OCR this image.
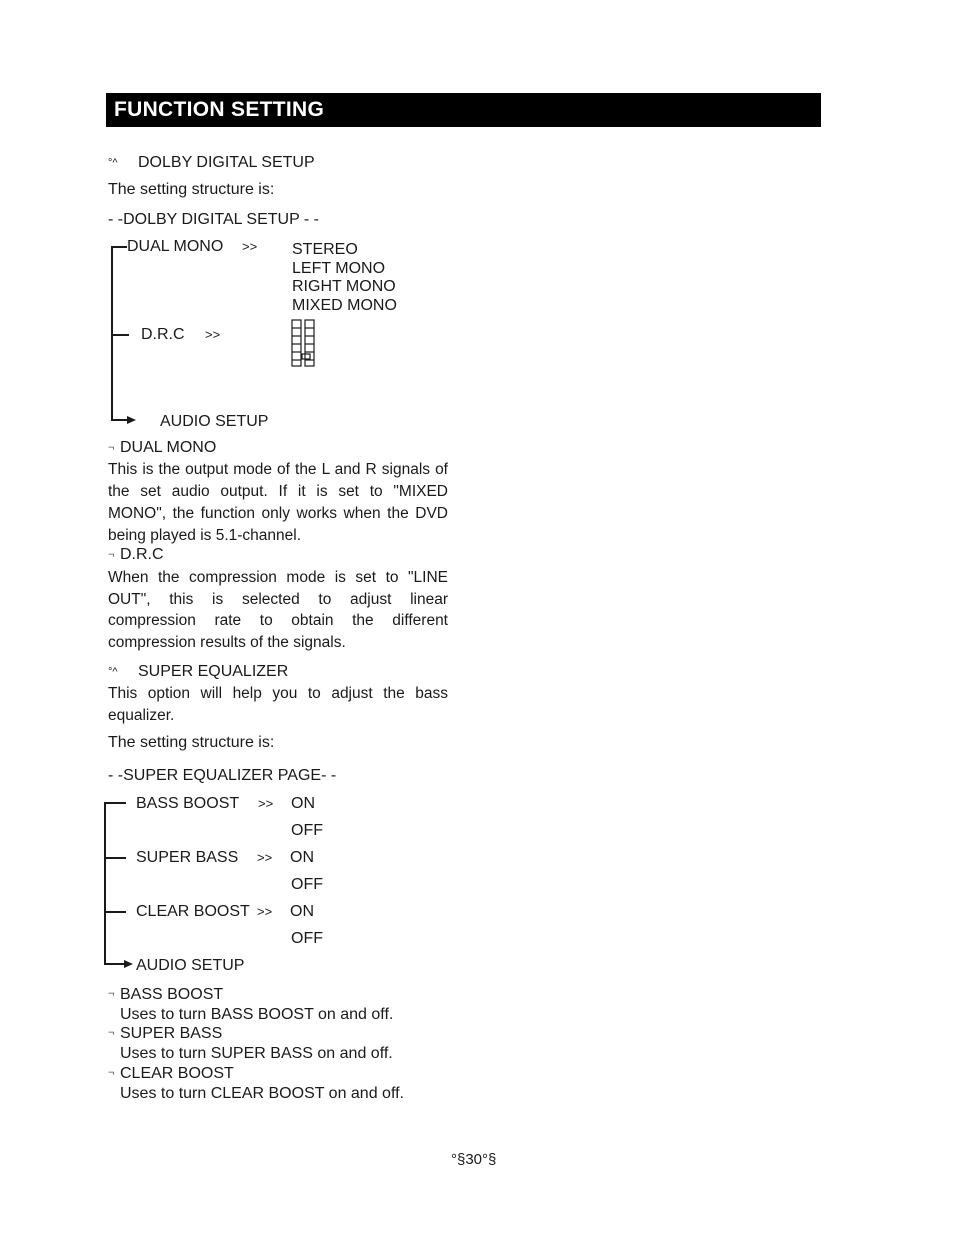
FUNCTION SETTING
°^ DOLBY DIGITAL SETUP
The setting structure is:
- -DOLBY DIGITAL SETUP - -
DUAL MONO >> STEREO
LEFT MONO
RIGHT MONO
MIXED MONO
D.R.C >>
AUDIO SETUP
¬ DUAL MONO
This is the output mode of the L and R signals of the set audio output. If it is set to "MIXED MONO", the function only works when the DVD being played is 5.1-channel.
¬ D.R.C
When the compression mode is set to "LINE OUT", this is selected to adjust linear compression rate to obtain the different compression results of the signals.
°^ SUPER EQUALIZER
This option will help you to adjust the bass equalizer.
The setting structure is:
- -SUPER EQUALIZER PAGE- -
BASS BOOST >> ON
OFF
SUPER BASS >> ON
OFF
CLEAR BOOST >> ON
OFF
AUDIO SETUP
¬ BASS BOOST
Uses to turn BASS BOOST on and off.
¬ SUPER BASS
Uses to turn SUPER BASS on and off.
¬ CLEAR BOOST
Uses to turn CLEAR BOOST on and off.
°§30°§
